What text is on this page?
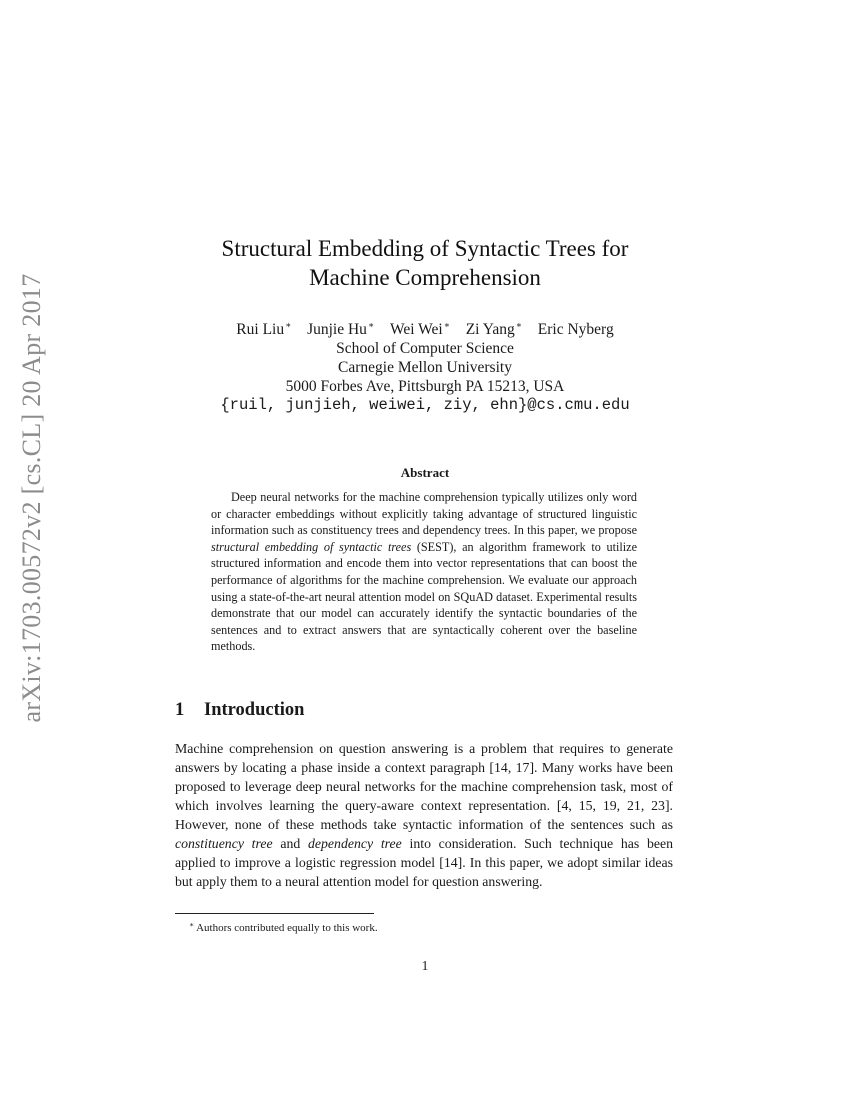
arXiv:1703.00572v2 [cs.CL] 20 Apr 2017
Structural Embedding of Syntactic Trees for
Machine Comprehension
Rui Liu∗ Junjie Hu∗ Wei Wei∗ Zi Yang∗ Eric Nyberg
School of Computer Science
Carnegie Mellon University
5000 Forbes Ave, Pittsburgh PA 15213, USA
{ruil, junjieh, weiwei, ziy, ehn}@cs.cmu.edu
Abstract
Deep neural networks for the machine comprehension typically utilizes only word or character embeddings without explicitly taking advantage of structured linguistic information such as constituency trees and dependency trees. In this paper, we propose structural embedding of syntactic trees (SEST), an algorithm framework to utilize structured information and encode them into vector representations that can boost the performance of algorithms for the machine comprehension. We evaluate our approach using a state-of-the-art neural attention model on SQuAD dataset. Experimental results demonstrate that our model can accurately identify the syntactic boundaries of the sentences and to extract answers that are syntactically coherent over the baseline methods.
1 Introduction
Machine comprehension on question answering is a problem that requires to generate answers by locating a phase inside a context paragraph [14, 17]. Many works have been proposed to leverage deep neural networks for the machine comprehension task, most of which involves learning the query-aware context representation. [4, 15, 19, 21, 23]. However, none of these methods take syntactic information of the sentences such as constituency tree and dependency tree into consideration. Such technique has been applied to improve a logistic regression model [14]. In this paper, we adopt similar ideas but apply them to a neural attention model for question answering.
∗ Authors contributed equally to this work.
1
